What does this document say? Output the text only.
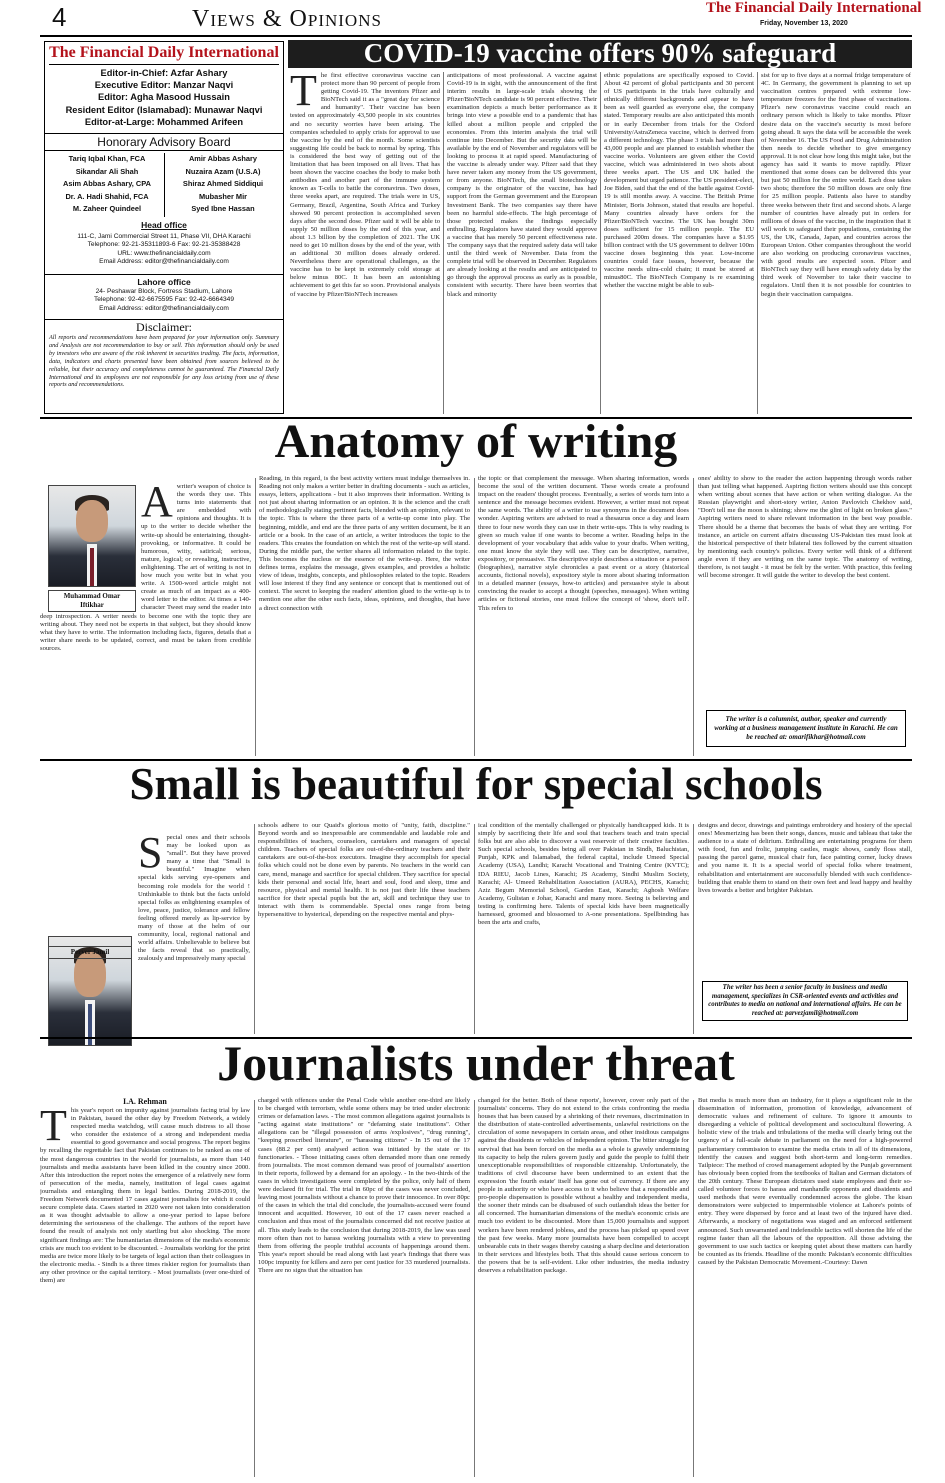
4	Views & Opinions	The Financial Daily International
Friday, November 13, 2020
The Financial Daily International
Editor-in-Chief: Azfar Ashary
Executive Editor: Manzar Naqvi
Editor: Agha Masood Hussain
Resident Editor (Islamabad): Munawar Naqvi
Editor-at-Large: Mohammed Arifeen
Honorary Advisory Board
Tariq Iqbal Khan, FCA
Sikandar Ali Shah
Asim Abbas Ashary, CPA
Dr. A. Hadi Shahid, FCA
M. Zaheer Quindeel
Amir Abbas Ashary
Nuzaira Azam (U.S.A)
Shiraz Ahmed Siddiqui
Mubasher Mir
Syed Ibne Hassan
Head office
111-C, Jami Commercial Street 11, Phase VII, DHA Karachi
Telephone: 92-21-35311893-6 Fax: 92-21-35388428
URL: www.thefinancialdaily.com
Email Address: editor@thefinancialdaily.com
Lahore office
24- Peshawar Block, Fortress Stadium, Lahore
Telephone: 92-42-6675595 Fax: 92-42-6664349
Email Address: editor@thefinancialdaily.com
Disclaimer:
All reports and recommendations have been prepared for your information only. Summary and Analysis are not recommendation to buy or sell. This information should only be used by investors who are aware of the risk inherent in securities trading. The facts, information, data, indicators and charts presented have been obtained from sources believed to be reliable, but their accuracy and completeness cannot be guaranteed. The Financial Daily International and its employees are not responsible for any loss arising from use of these reports and recommendations.
COVID-19 vaccine offers 90% safeguard
The first effective coronavirus vaccine can protect more than 90 percent of people from getting Covid-19. The inventors Pfizer and BioNTech said it as a "great day for science and humanity". Their vaccine has been tested on approximately 43,500 people in six countries and no security worries have been arising. The companies scheduled to apply crisis for approval to use the vaccine by the end of the month. Some scientists suggesting life could be back to normal by spring. This is considered the best way of getting out of the limitation that has been imposed on all lives. That has been shown the vaccine coaches the body to make both antibodies and another part of the immune system known as T-cells to battle the coronavirus. Two doses, three weeks apart, are required. The trials were in US, Germany, Brazil, Argentina, South Africa and Turkey showed 90 percent protection is accomplished seven days after the second dose. Pfizer said it will be able to supply 50 million doses by the end of this year, and about 1.3 billion by the completion of 2021. The UK need to get 10 million doses by the end of the year, with an additional 30 million doses already ordered. Nevertheless there are operational challenges, as the vaccine has to be kept in extremely cold storage at below minus 80C. It has been an astonishing achievement to get this far so soon. Provisional analysis of vaccine by Pfizer/BioNTech increases
anticipations of most professional. A vaccine against Covid-19 is in sight, with the announcement of the first interim results in large-scale trials showing the Pfizer/BioNTech candidate is 90 percent effective. Their examination depicts a much better performance as it brings into view a possible end to a pandemic that has killed about a million people and crippled the economies. From this interim analysis the trial will continue into December. But the security data will be available by the end of November and regulators will be looking to process it at rapid speed. Manufacturing of the vaccine is already under way. Pfizer said that they have never taken any money from the US government, or from anyone. BioNTech, the small biotechnology company is the originator of the vaccine, has had support from the German government and the European Investment Bank. The two companies say there have been no harmful side-effects. The high percentage of those protected makes the findings especially enthralling. Regulators have stated they would approve a vaccine that has merely 50 percent effectiveness rate. The company says that the required safety data will take until the third week of November. Data from the complete trial will be observed in December. Regulators are already looking at the results and are anticipated to go through the approval process as early as is possible, consistent with security. There have been worries that black and minority
ethnic populations are specifically exposed to Covid. About 42 percent of global participants and 30 percent of US participants in the trials have culturally and ethnically different backgrounds and appear to have been as well guarded as everyone else, the company stated. Temporary results are also anticipated this month or in early December from trials for the Oxford University/AstraZeneca vaccine, which is derived from a different technology. The phase 3 trials had more than 43,000 people and are planned to establish whether the vaccine works. Volunteers are given either the Covid vaccine, which was administered in two shots about three weeks apart. The US and UK hailed the development but urged patience. The US president-elect, Joe Biden, said that the end of the battle against Covid-19 is still months away. A vaccine. The British Prime Minister, Boris Johnson, stated that results are hopeful. Many countries already have orders for the Pfizer/BioNTech vaccine. The UK has bought 30m doses sufficient for 15 million people. The EU purchased 200m doses. The companies have a $1.95 billion contract with the US government to deliver 100m vaccine doses beginning this year. Low-income countries could face issues, however, because the vaccine needs ultra-cold chain; it must be stored at minus80C. The BioNTech Company is re examining whether the vaccine might be able to sub-
sist for up to five days at a normal fridge temperature of 4C. In Germany, the government is planning to set up vaccination centres prepared with extreme low-temperature freezers for the first phase of vaccinations. Pfizer's new coronavirus vaccine could reach an ordinary person which is likely to take months. Pfizer desire data on the vaccine's security is most before going ahead. It says the data will be accessible the week of November 16. The US Food and Drug Administration then needs to decide whether to give emergency approval. It is not clear how long this might take, but the agency has said it wants to move rapidly. Pfizer mentioned that some doses can be delivered this year but just 50 million for the entire world. Each dose takes two shots; therefore the 50 million doses are only fine for 25 million people. Patients also have to standby three weeks between their first and second shots. A large number of countries have already put in orders for millions of doses of the vaccine, in the inspiration that it will work to safeguard their populations, containing the US, the UK, Canada, Japan, and countries across the European Union. Other companies throughout the world are also working on producing coronavirus vaccines, with good results are expected soon. Pfizer and BioNTech say they will have enough safety data by the third week of November to take their vaccine to regulators. Until then it is not possible for countries to begin their vaccination campaigns.
Anatomy of writing
Muhammad Omar Iftikhar
Awriter's weapon of choice is the words they use. This turns into statements that are embedded with opinions and thoughts. It is up to the writer to decide whether the write-up should be entertaining, thought-provoking, or informative. It could be humorous, witty, satirical; serious, mature, logical; or revealing, instructive, enlightening. The art of writing is not in how much you write but in what you write. A 1500-word article might not create as much of an impact as a 400-word letter to the editor. At times a 140-character Tweet may send the reader into deep introspection. A writer needs to become one with the topic they are writing about. They need not be experts in that subject, but they should know what they have to write. The information including facts, figures, details that a writer share needs to be updated, correct, and must be taken from credible sources.
Reading, in this regard, is the best activity writers must indulge themselves in. Reading not only makes a writer better in drafting documents - such as articles, essays, letters, applications - but it also improves their information. Writing is not just about sharing information or an opinion. It is the science and the craft of methodologically stating pertinent facts, blended with an opinion, relevant to the topic. This is where the three parts of a write-up come into play. The beginning, middle, and end are the three parts of any written document, be it an article or a book. In the case of an article, a writer introduces the topic to the readers. This creates the foundation on which the rest of the write-up will stand. During the middle part, the writer shares all information related to the topic. This becomes the nucleus or the essence of the write-up. Here, the writer defines terms, explains the message, gives examples, and provides a holistic view of ideas, insights, concepts, and philosophies related to the topic. Readers will lose interest if they find any sentence or concept that is mentioned out of context. The secret to keeping the readers' attention glued to the write-up is to mention one after the other such facts, ideas, opinions, and thoughts, that have a direct connection with
the topic or that complement the message. When sharing information, words become the soul of the written document. These words create a profound impact on the readers' thought process. Eventually, a series of words turn into a sentence and the message becomes evident. However, a writer must not repeat the same words. The ability of a writer to use synonyms in the document does wonder. Aspiring writers are advised to read a thesaurus once a day and learn three to four new words they can use in their write-ups. This is why reading is given so much value if one wants to become a writer. Reading helps in the development of your vocabulary that adds value to your drafts. When writing, one must know the style they will use. They can be descriptive, narrative, expository, or persuasive. The descriptive style describes a situation or a person (biographies), narrative style chronicles a past event or a story (historical accounts, fictional novels), expository style is more about sharing information in a detailed manner (essays, how-to articles) and persuasive style is about convincing the reader to accept a thought (speeches, messages). When writing articles or fictional stories, one must follow the concept of 'show, don't tell'. This refers to
ones' ability to show to the reader the action happening through words rather than just telling what happened. Aspiring fiction writers should use this concept when writing about scenes that have action or when writing dialogue. As the Russian playwright and short-story writer, Anton Pavlovich Chekhov said, "Don't tell me the moon is shining; show me the glint of light on broken glass." Aspiring writers need to share relevant information in the best way possible. There should be a theme that becomes the basis of what they are writing. For instance, an article on current affairs discussing US-Pakistan ties must look at the historical perspective of their bilateral ties followed by the current situation by mentioning each country's policies. Every writer will think of a different angle even if they are writing on the same topic. The anatomy of writing, therefore, is not taught - it must be felt by the writer. With practice, this feeling will become stronger. It will guide the writer to develop the best content.
The writer is a columnist, author, speaker and currently working at a business management institute in Karachi. He can be reached at: omarifikhar@hotmail.com
Small is beautiful for special schools
Perver Jamil
Special ones and their schools may be looked upon as "small". But they have proved many a time that "Small is beautiful." Imagine when special kids serving eye-openers and becoming role models for the world ! Unthinkable to think but the facts unfold special folks as enlightening examples of love, peace, justice, tolerance and fellow feeling offered merely as lip-service by many of those at the helm of our community, local, regional national and world affairs. Unbelievable to believe but the facts reveal that so practically, zealously and impressively many special
schools adhere to our Quaid's glorious motto of "unity, faith, discipline." Beyond words and so inexpressible are commendable and laudable role and responsibilities of teachers, counselors, caretakers and managers of special children. Teachers of special folks are out-of-the-ordinary teachers and their caretakers are out-of-the-box executors. Imagine they accomplish for special folks which could not be done even by parents. No teachers in the world can care, mend, manage and sacrifice for special children. They sacrifice for special kids their personal and social life, heart and soul, food and sleep, time and resource, physical and mental health. It is not just their life these teachers sacrifice for their special pupils but the art, skill and technique they use to interact with them is commendable. Special ones range from being hypersensitive to hysterical, depending on the respective mental and phys-
ical condition of the mentally challenged or physically handicapped kids. It is simply by sacrificing their life and soul that teachers teach and train special folks but are also able to discover a vast reservoir of their creative faculties. Such special schools, besides being all over Pakistan in Sindh, Baluchistan, Punjab, KPK and Islamabad, the federal capital, include Umeed Special Academy (USA), Landhi; Karachi Vocational and Training Centre (KVTC); IDA RIEU, Jacob Lines, Karachi; JS Academy, Sindhi Muslim Society, Karachi; Al- Umeed Rehabilitation Association (AURA), PECHS, Karachi; Aziz Begum Memorial School, Garden East, Karachi; Aghosh Welfare Academy, Gulistan e Johar, Karachi and many more. Seeing is believing and testing is confirming here. Talents of special kids have been magnetically harnessed, groomed and blossomed to A-one presentations. Spellbinding has been the arts and crafts,
designs and decor, drawings and paintings embroidery and hosiery of the special ones! Mesmerizing has been their songs, dances, music and tableau that take the audience to a state of delirium. Enthralling are entertaining programs for them with food, fun and frolic, jumping castles, magic shows, candy floss stall, passing the parcel game, musical chair fun, face painting corner, lucky draws and you name it. It is a special world of special folks where treatment, rehabilitation and entertainment are successfully blended with such confidence-building that enable them to stand on their own feet and lead happy and healthy lives towards a better and brighter Pakistan.
The writer has been a senior faculty in business and media management, specializes in CSR-oriented events and activities and contributes to media on national and international affairs. He can be reached at: parvezjamil@hotmail.com
Journalists under threat
I.A. Rehman
This year's report on impunity against journalists facing trial by law in Pakistan, issued the other day by Freedom Network, a widely respected media watchdog, will cause much distress to all those who consider the existence of a strong and independent media essential to good governance and social progress. The report begins by recalling the regrettable fact that Pakistan continues to be ranked as one of the most dangerous countries in the world for journalists, as more than 140 journalists and media assistants have been killed in the country since 2000. After this introduction the report notes the emergence of a relatively new form of persecution of the media, namely, institution of legal cases against journalists and entangling them in legal battles. During 2018-2019, the Freedom Network documented 17 cases against journalists for which it could secure complete data. Cases started in 2020 were not taken into consideration as it was thought advisable to allow a one-year period to lapse before determining the seriousness of the challenge. The authors of the report have found the result of analysis not only startling but also shocking. The more significant findings are: The humanitarian dimensions of the media's economic crisis are much too evident to be discounted. - Journalists working for the print media are twice more likely to be targets of legal action than their colleagues in the electronic media. - Sindh is a three times riskier region for journalists than any other province or the capital territory. - Most journalists (over one-third of them) are
charged with offences under the Penal Code while another one-third are likely to be charged with terrorism, while some others may be tried under electronic crimes or defamation laws. - The most common allegations against journalists is "acting against state institutions" or "defaming state institutions". Other allegations can be "illegal possession of arms /explosives", "drug running", "keeping proscribed literature", or "harassing citizens" - In 15 out of the 17 cases (88.2 per cent) analysed action was initiated by the state or its functionaries. - Those initiating cases often demanded more than one remedy from journalists. The most common demand was proof of journalists' assertion in their reports, followed by a demand for an apology. - In the two-thirds of the cases in which investigations were completed by the police, only half of them were declared fit for trial. The trial in 60pc of the cases was never concluded, leaving most journalists without a chance to prove their innocence. In over 80pc of the cases in which the trial did conclude, the journalists-accused were found innocent and acquitted. However, 10 out of the 17 cases never reached a conclusion and thus most of the journalists concerned did not receive justice at all. This study leads to the conclusion that during 2018-2019, the law was used more often than not to harass working journalists with a view to preventing them from offering the people truthful accounts of happenings around them. This year's report should be read along with last year's findings that there was 100pc impunity for killers and zero per cent justice for 33 murdered journalists. There are no signs that the situation has
changed for the better. Both of these reports', however, cover only part of the journalists' concerns. They do not extend to the crisis confronting the media houses that has been caused by a shrinking of their revenues, discrimination in the distribution of state-controlled advertisements, unlawful restrictions on the circulation of some newspapers in certain areas, and other insidious campaigns against the dissidents or vehicles of independent opinion. The bitter struggle for survival that has been forced on the media as a whole is gravely undermining its capacity to help the rulers govern justly and guide the people to fulfil their unexceptionable responsibilities of responsible citizenship. Unfortunately, the traditions of civil discourse have been undermined to an extent that the expression 'the fourth estate' itself has gone out of currency. If there are any people in authority or who have access to it who believe that a responsible and pro-people dispensation is possible without a healthy and independent media, the sooner their minds can be disabused of such outlandish ideas the better for all concerned. The humanitarian dimensions of the media's economic crisis are much too evident to be discounted. More than 15,000 journalists and support workers have been rendered jobless, and the process has picked up speed over the past few weeks. Many more journalists have been compelled to accept unbearable cuts in their wages thereby causing a sharp decline and deterioration in their services and lifestyles both. That this should cause serious concern to the powers that be is self-evident. Like other industries, the media industry deserves a rehabilitation package.
But media is much more than an industry, for it plays a significant role in the dissemination of information, promotion of knowledge, advancement of democratic values and refinement of culture. To ignore it amounts to disregarding a vehicle of political development and sociocultural flowering. A holistic view of the trials and tribulations of the media will clearly bring out the urgency of a full-scale debate in parliament on the need for a high-powered parliamentary commission to examine the media crisis in all of its dimensions, identify the causes and suggest both short-term and long-term remedies. Tailpiece: The method of crowd management adopted by the Punjab government has obviously been copied from the textbooks of Italian and German dictators of the 20th century. These European dictators used state employees and their so-called volunteer forces to harass and manhandle opponents and dissidents and used methods that were eventually condemned across the globe. The kisan demonstrators were subjected to impermissible violence at Lahore's points of entry. They were dispersed by force and at least two of the injured have died. Afterwards, a mockery of negotiations was staged and an enforced settlement announced. Such unwarranted and indefensible tactics will shorten the life of the regime faster than all the labours of the opposition. All those advising the government to use such tactics or keeping quiet about these matters can hardly be counted as its friends. Headline of the month: Pakistan's economic difficulties caused by the Pakistan Democratic Movement.-Courtesy: Dawn
